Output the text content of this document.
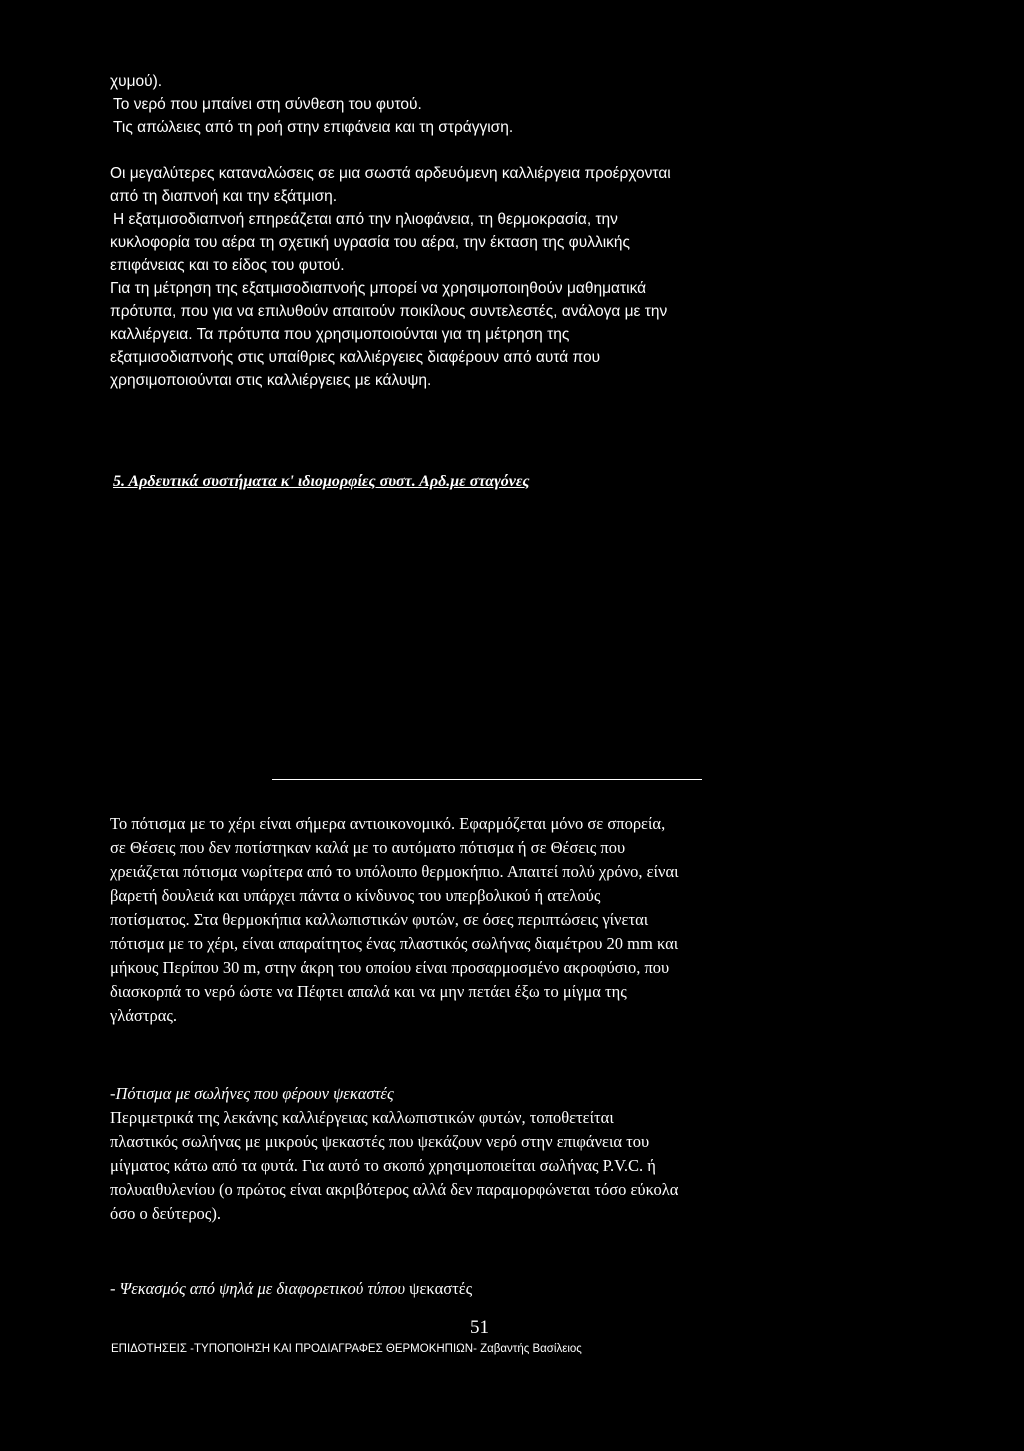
χυμού).
Το νερό που μπαίνει στη σύνθεση του φυτού.
Τις απώλειες από τη ροή στην επιφάνεια και τη στράγγιση.
Οι μεγαλύτερες καταναλώσεις σε μια σωστά αρδευόμενη καλλιέργεια προέρχονται
από τη διαπνοή και την εξάτμιση.
Η εξατμισοδιαπνοή επηρεάζεται από την ηλιοφάνεια, τη θερμοκρασία, την
κυκλοφορία του αέρα τη σχετική υγρασία του αέρα, την έκταση της φυλλικής
επιφάνειας και το είδος του φυτού.
Για τη μέτρηση της εξατμισοδιαπνοής μπορεί να χρησιμοποιηθούν μαθηματικά
πρότυπα, που για να επιλυθούν απαιτούν ποικίλους συντελεστές, ανάλογα με την
καλλιέργεια. Τα πρότυπα που χρησιμοποιούνται για τη μέτρηση της
εξατμισοδιαπνοής στις υπαίθριες καλλιέργειες διαφέρουν από αυτά που
χρησιμοποιούνται στις καλλιέργειες με κάλυψη.

5. Αρδευτικά συστήματα κ' ιδιομορφίες συστ. Αρδ.με σταγόνες

Το πότισμα με το χέρι είναι σήμερα αντιοικονομικό. Εφαρμόζεται μόνο σε σπορεία,
σε Θέσεις που δεν ποτίστηκαν καλά με το αυτόματο πότισμα ή σε Θέσεις που
χρειάζεται πότισμα νωρίτερα από το υπόλοιπο θερμοκήπιο. Απαιτεί πολύ χρόνο, είναι
βαρετή δουλειά και υπάρχει πάντα ο κίνδυνος του υπερβολικού ή ατελούς
ποτίσματος. Στα θερμοκήπια καλλωπιστικών φυτών, σε όσες περιπτώσεις γίνεται
πότισμα με το χέρι, είναι απαραίτητος ένας πλαστικός σωλήνας διαμέτρου 20 mm και
μήκους Περίπου 30 m, στην άκρη του οποίου είναι προσαρμοσμένο ακροφύσιο, που
διασκορπά το νερό ώστε να Πέφτει απαλά και να μην πετάει έξω το μίγμα της
γλάστρας.
-Πότισμα με σωλήνες που φέρουν ψεκαστές
Περιμετρικά της λεκάνης καλλιέργειας καλλωπιστικών φυτών, τοποθετείται
πλαστικός σωλήνας με μικρούς ψεκαστές που ψεκάζουν νερό στην επιφάνεια του
μίγματος κάτω από τα φυτά. Για αυτό το σκοπό χρησιμοποιείται σωλήνας P.V.C. ή
πολυαιθυλενίου (ο πρώτος είναι ακριβότερος αλλά δεν παραμορφώνεται τόσο εύκολα
όσο ο δεύτερος).
- Ψεκασμός από ψηλά με διαφορετικού τύπου ψεκαστές

51

ΕΠΙΔΟΤΗΣΕΙΣ -ΤΥΠΟΠΟΙΗΣΗ ΚΑΙ ΠΡΟΔΙΑΓΡΑΦΕΣ ΘΕΡΜΟΚΗΠΙΩΝ- Ζαβαντής Βασίλειος
